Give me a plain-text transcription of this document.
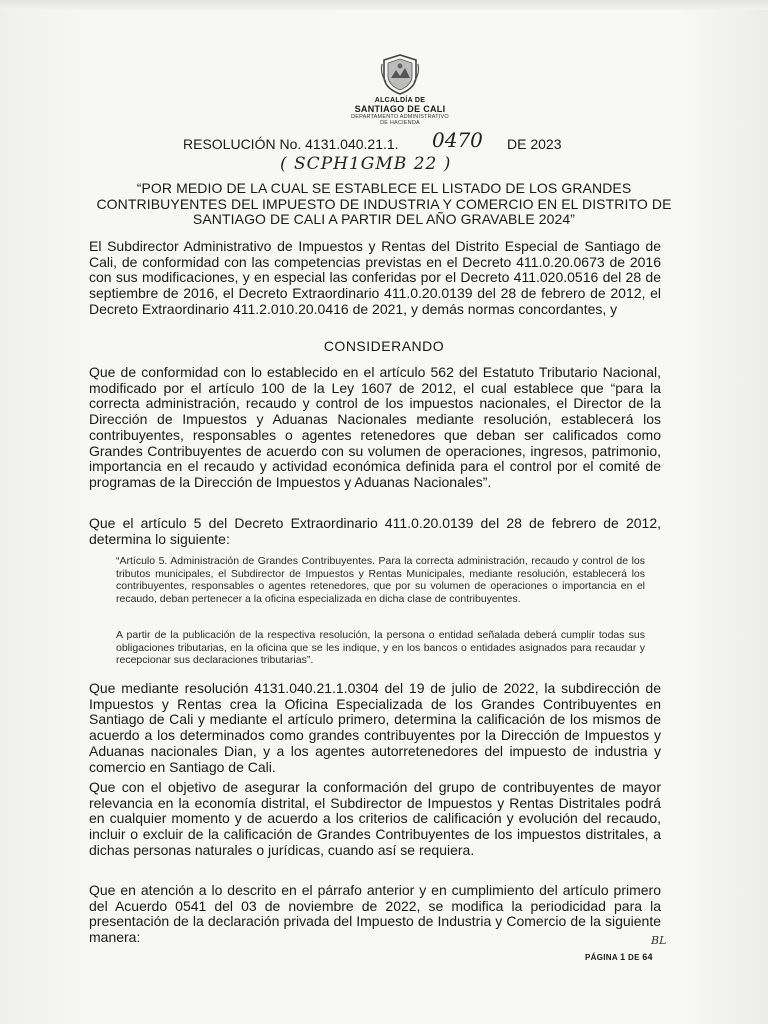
ALCALDÍA DE
SANTIAGO DE CALI
DEPARTAMENTO ADMINISTRATIVO
DE HACIENDA
RESOLUCIÓN No. 4131.040.21.1. 0470 DE 2023
( SCPH1GMB 22 )
“POR MEDIO DE LA CUAL SE ESTABLECE EL LISTADO DE LOS GRANDES CONTRIBUYENTES DEL IMPUESTO DE INDUSTRIA Y COMERCIO EN EL DISTRITO DE SANTIAGO DE CALI A PARTIR DEL AÑO GRAVABLE 2024”

El Subdirector Administrativo de Impuestos y Rentas del Distrito Especial de Santiago de Cali, de conformidad con las competencias previstas en el Decreto 411.0.20.0673 de 2016 con sus modificaciones, y en especial las conferidas por el Decreto 411.020.0516 del 28 de septiembre de 2016, el Decreto Extraordinario 411.0.20.0139 del 28 de febrero de 2012, el Decreto Extraordinario 411.2.010.20.0416 de 2021, y demás normas concordantes, y

CONSIDERANDO

Que de conformidad con lo establecido en el artículo 562 del Estatuto Tributario Nacional, modificado por el artículo 100 de la Ley 1607 de 2012, el cual establece que “para la correcta administración, recaudo y control de los impuestos nacionales, el Director de la Dirección de Impuestos y Aduanas Nacionales mediante resolución, establecerá los contribuyentes, responsables o agentes retenedores que deban ser calificados como Grandes Contribuyentes de acuerdo con su volumen de operaciones, ingresos, patrimonio, importancia en el recaudo y actividad económica definida para el control por el comité de programas de la Dirección de Impuestos y Aduanas Nacionales”.

Que el artículo 5 del Decreto Extraordinario 411.0.20.0139 del 28 de febrero de 2012, determina lo siguiente:

“Artículo 5. Administración de Grandes Contribuyentes. Para la correcta administración, recaudo y control de los tributos municipales, el Subdirector de Impuestos y Rentas Municipales, mediante resolución, establecerá los contribuyentes, responsables o agentes retenedores, que por su volumen de operaciones o importancia en el recaudo, deban pertenecer a la oficina especializada en dicha clase de contribuyentes.

A partir de la publicación de la respectiva resolución, la persona o entidad señalada deberá cumplir todas sus obligaciones tributarias, en la oficina que se les indique, y en los bancos o entidades asignados para recaudar y recepcionar sus declaraciones tributarias”.

Que mediante resolución 4131.040.21.1.0304 del 19 de julio de 2022, la subdirección de Impuestos y Rentas crea la Oficina Especializada de los Grandes Contribuyentes en Santiago de Cali y mediante el artículo primero, determina la calificación de los mismos de acuerdo a los determinados como grandes contribuyentes por la Dirección de Impuestos y Aduanas nacionales Dian, y a los agentes autorretenedores del impuesto de industria y comercio en Santiago de Cali.

Que con el objetivo de asegurar la conformación del grupo de contribuyentes de mayor relevancia en la economía distrital, el Subdirector de Impuestos y Rentas Distritales podrá en cualquier momento y de acuerdo a los criterios de calificación y evolución del recaudo, incluir o excluir de la calificación de Grandes Contribuyentes de los impuestos distritales, a dichas personas naturales o jurídicas, cuando así se requiera.

Que en atención a lo descrito en el párrafo anterior y en cumplimiento del artículo primero del Acuerdo 0541 del 03 de noviembre de 2022, se modifica la periodicidad para la presentación de la declaración privada del Impuesto de Industria y Comercio de la siguiente manera:	BL
PÁGINA 1 DE 64
